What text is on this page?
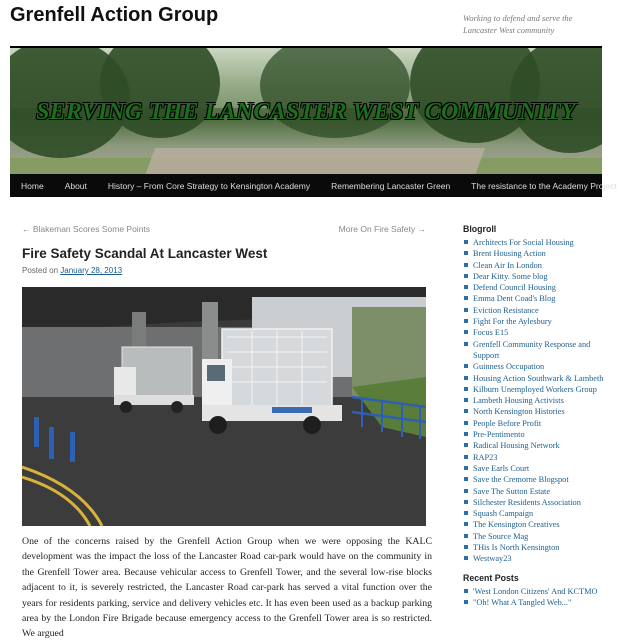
Grenfell Action Group	Working to defend and serve the Lancaster West community
SERVING THE LANCASTER WEST COMMUNITY
Home	About	History – From Core Strategy to Kensington Academy	Remembering Lancaster Green	The resistance to the Academy Project
← Blakeman Scores Some Points	More On Fire Safety →
Fire Safety Scandal At Lancaster West
Posted on January 28, 2013
One of the concerns raised by the Grenfell Action Group when we were opposing the KALC development was the impact the loss of the Lancaster Road car-park would have on the community in the Grenfell Tower area. Because vehicular access to Grenfell Tower, and the several low-rise blocks adjacent to it, is severely restricted, the Lancaster Road car-park has served a vital function over the years for residents parking, service and delivery vehicles etc. It has even been used as a backup parking area by the London Fire Brigade because emergency access to the Grenfell Tower area is so restricted. We argued
Blogroll
Architects For Social Housing
Brent Housing Action
Clean Air In London
Dear Kitty. Some blog
Defend Council Housing
Emma Dent Coad's Blog
Eviction Resistance
Fight For the Aylesbury
Focus E15
Grenfell Community Response and Support
Guinness Occupation
Housing Action Southwark & Lambeth
Kilburn Unemployed Workers Group
Lambeth Housing Activists
North Kensington Histories
People Before Profit
Pre-Pentimento
Radical Housing Network
RAP23
Save Earls Court
Save the Cremorne Blogspot
Save The Sutton Estate
Silchester Residents Association
Squash Campaign
The Kensington Creatives
The Source Mag
THis Is North Kensington
Westway23
Recent Posts
'West London Citizens' And KCTMO
"Oh! What A Tangled Web..."
